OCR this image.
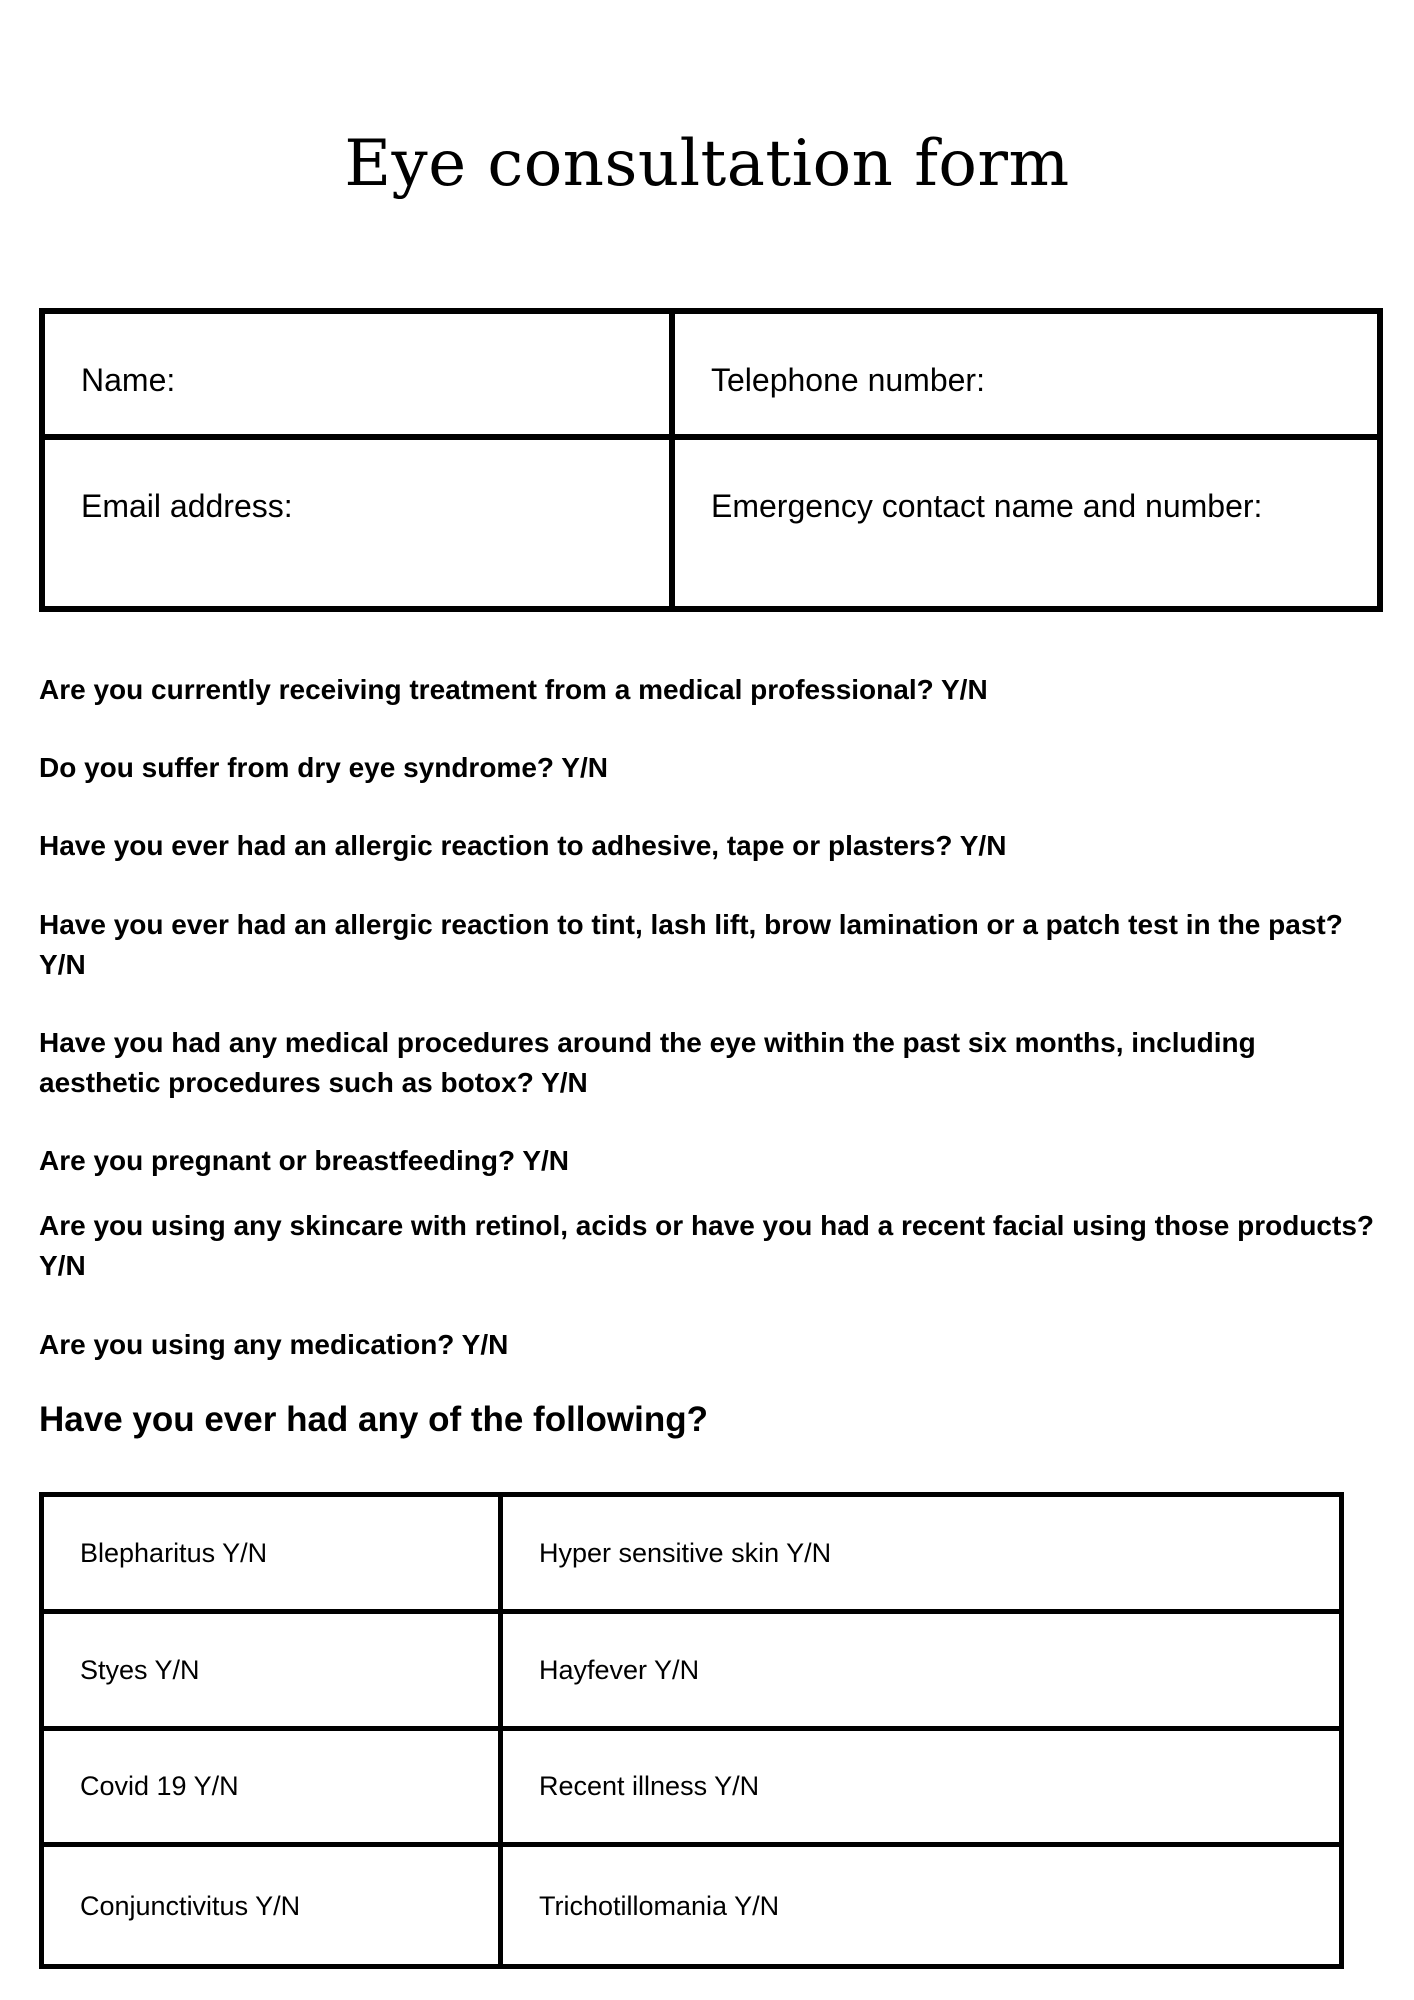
Eye consultation form
Name:	Telephone number:
Email address:	Emergency contact name and number:

Are you currently receiving treatment from a medical professional? Y/N

Do you suffer from dry eye syndrome? Y/N

Have you ever had an allergic reaction to adhesive, tape or plasters? Y/N

Have you ever had an allergic reaction to tint, lash lift, brow lamination or a patch test in the past? Y/N

Have you had any medical procedures around the eye within the past six months, including aesthetic procedures such as botox? Y/N

Are you pregnant or breastfeeding? Y/N

Are you using any skincare with retinol, acids or have you had a recent facial using those products? Y/N

Are you using any medication? Y/N

Have you ever had any of the following?
Blepharitus Y/N	Hyper sensitive skin Y/N
Styes Y/N	Hayfever Y/N
Covid 19 Y/N	Recent illness Y/N
Conjunctivitus Y/N	Trichotillomania Y/N
